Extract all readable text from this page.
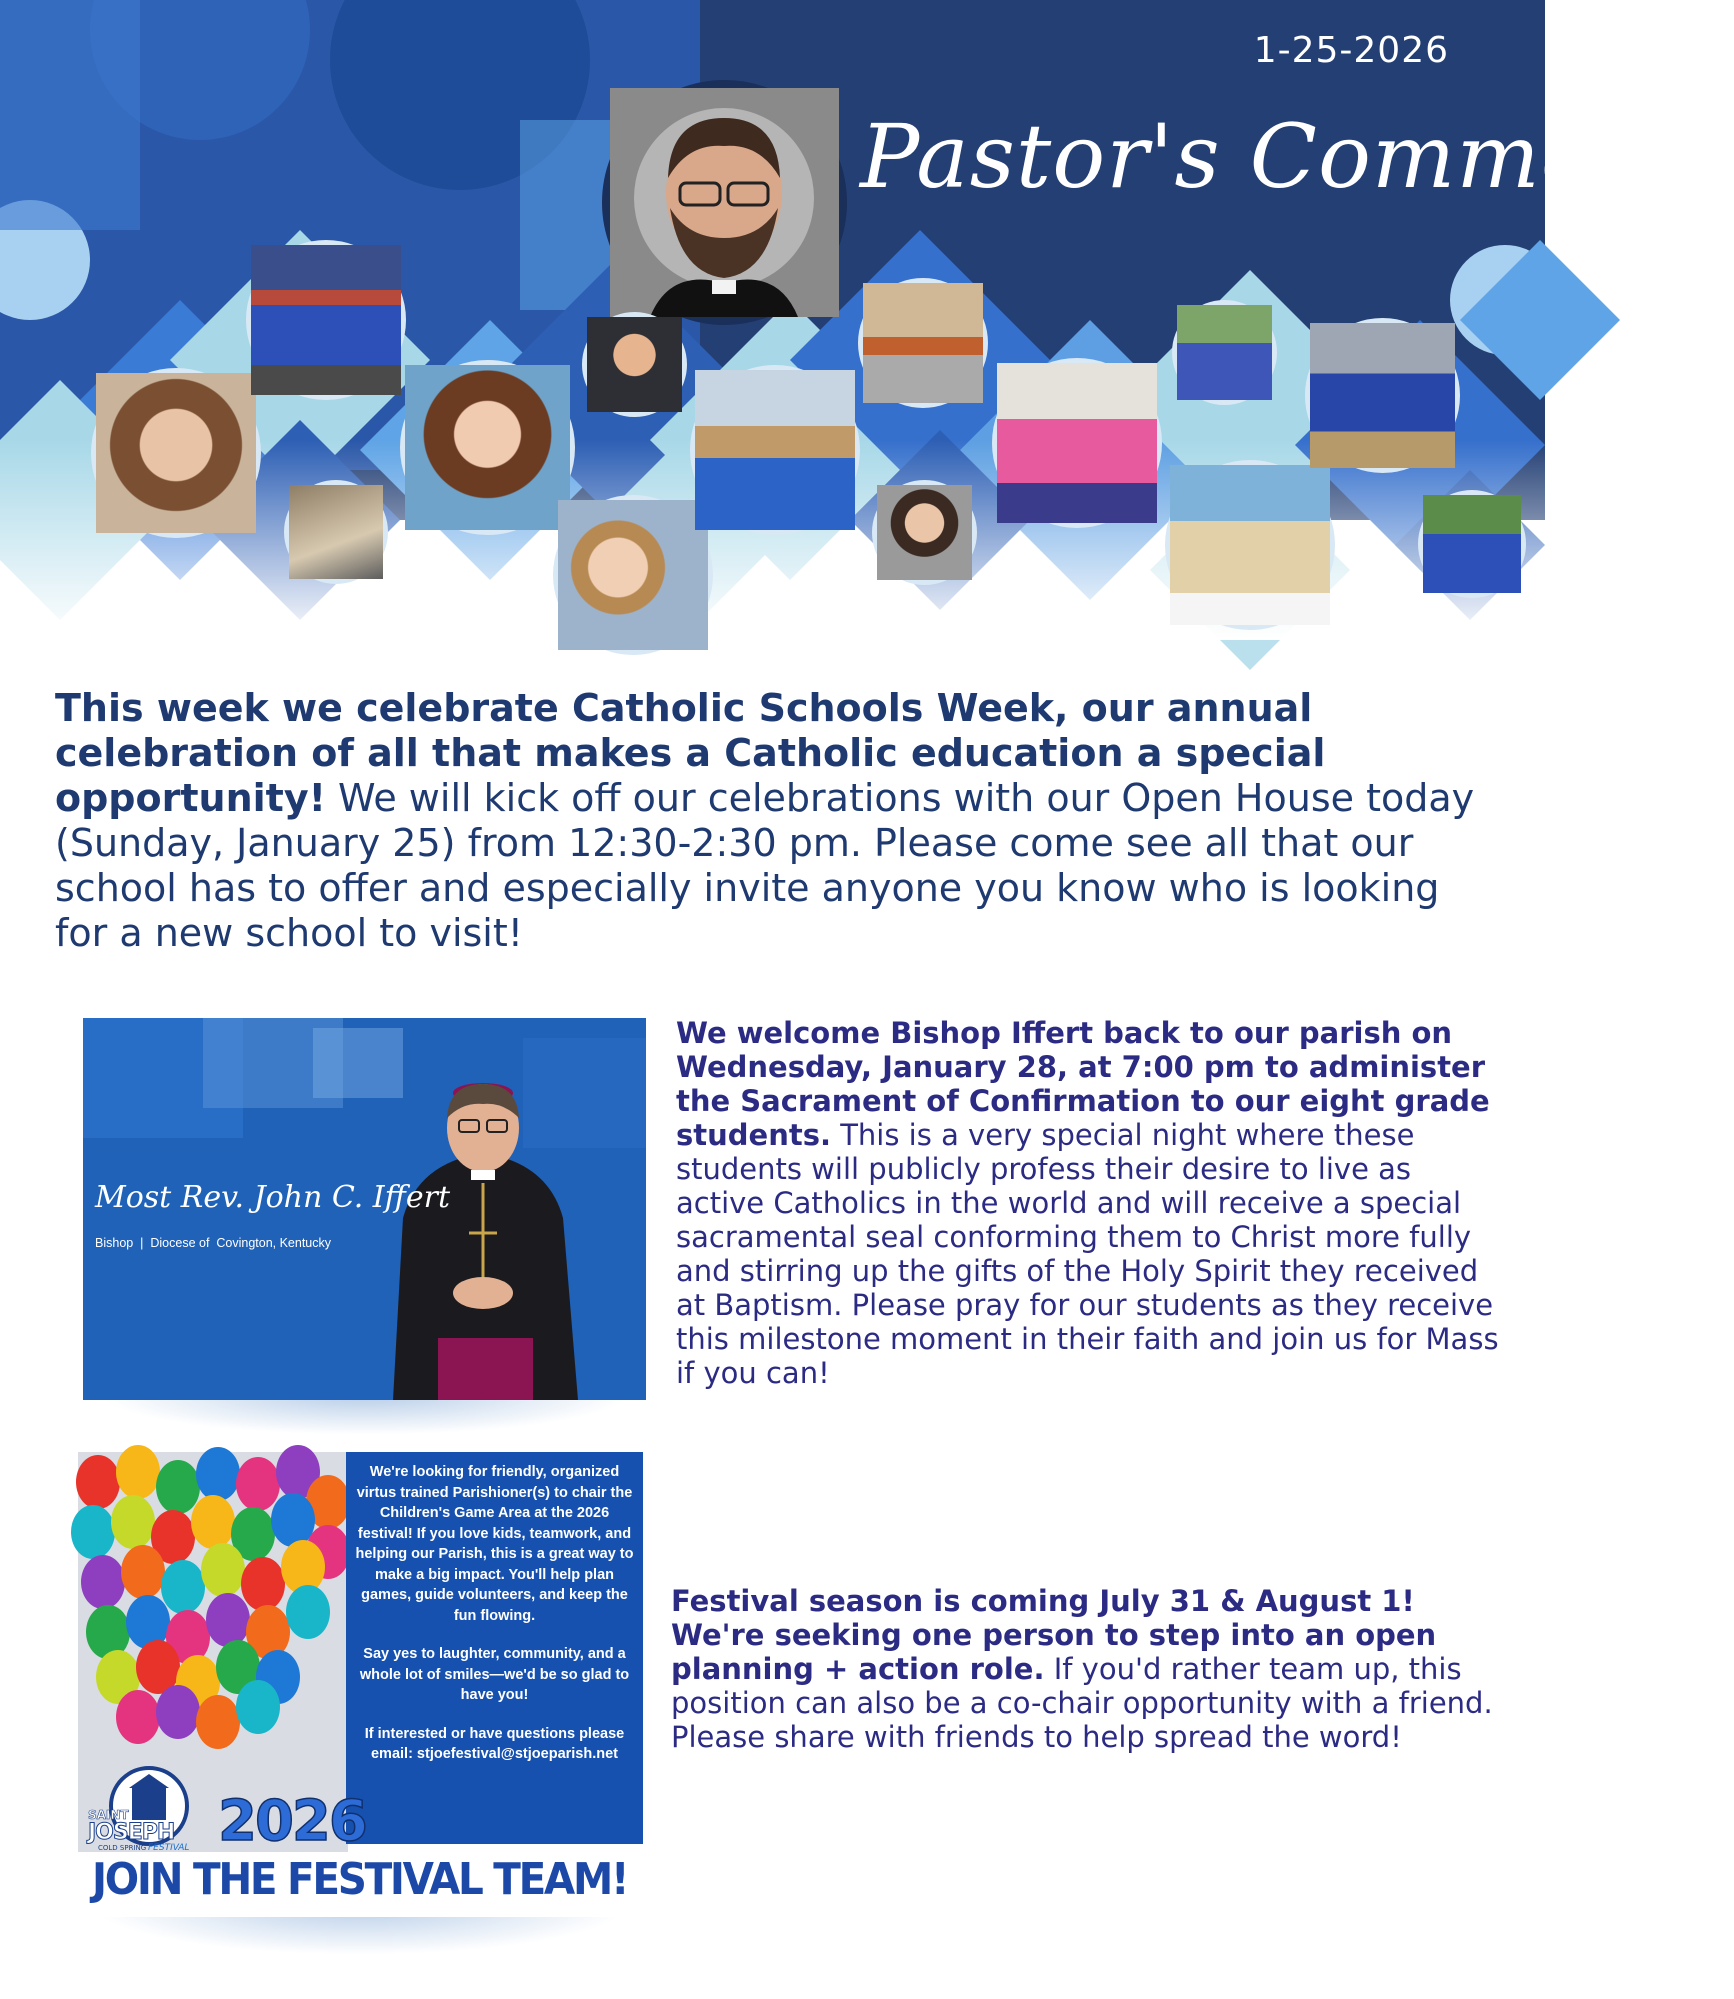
1-25-2026
Pastor's Comments
This week we celebrate Catholic Schools Week, our annual celebration of all that makes a Catholic education a special opportunity! We will kick off our celebrations with our Open House today (Sunday, January 25) from 12:30-2:30 pm. Please come see all that our school has to offer and especially invite anyone you know who is looking for a new school to visit!
Most Rev. John C. Iffert
Bishop  |  Diocese of  Covington, Kentucky
We welcome Bishop Iffert back to our parish on Wednesday, January 28, at 7:00 pm to administer the Sacrament of Confirmation to our eight grade students. This is a very special night where these students will publicly profess their desire to live as active Catholics in the world and will receive a special sacramental seal conforming them to Christ more fully and stirring up the gifts of the Holy Spirit they received at Baptism. Please pray for our students as they receive this milestone moment in their faith and join us for Mass if you can!

We're looking for friendly, organized virtus trained Parishioner(s) to chair the Children's Game Area at the 2026 festival! If you love kids, teamwork, and helping our Parish, this is a great way to make a big impact. You'll help plan games, guide volunteers, and keep the fun flowing.

Say yes to laughter, community, and a whole lot of smiles—we'd be so glad to have you!

If interested or have questions please email: stjoefestival@stjoeparish.net

SAINT
JOSEPH
COLD SPRING FESTIVAL 2026
JOIN THE FESTIVAL TEAM!
Festival season is coming July 31 & August 1! We're seeking one person to step into an open planning + action role. If you'd rather team up, this position can also be a co-chair opportunity with a friend. Please share with friends to help spread the word!
